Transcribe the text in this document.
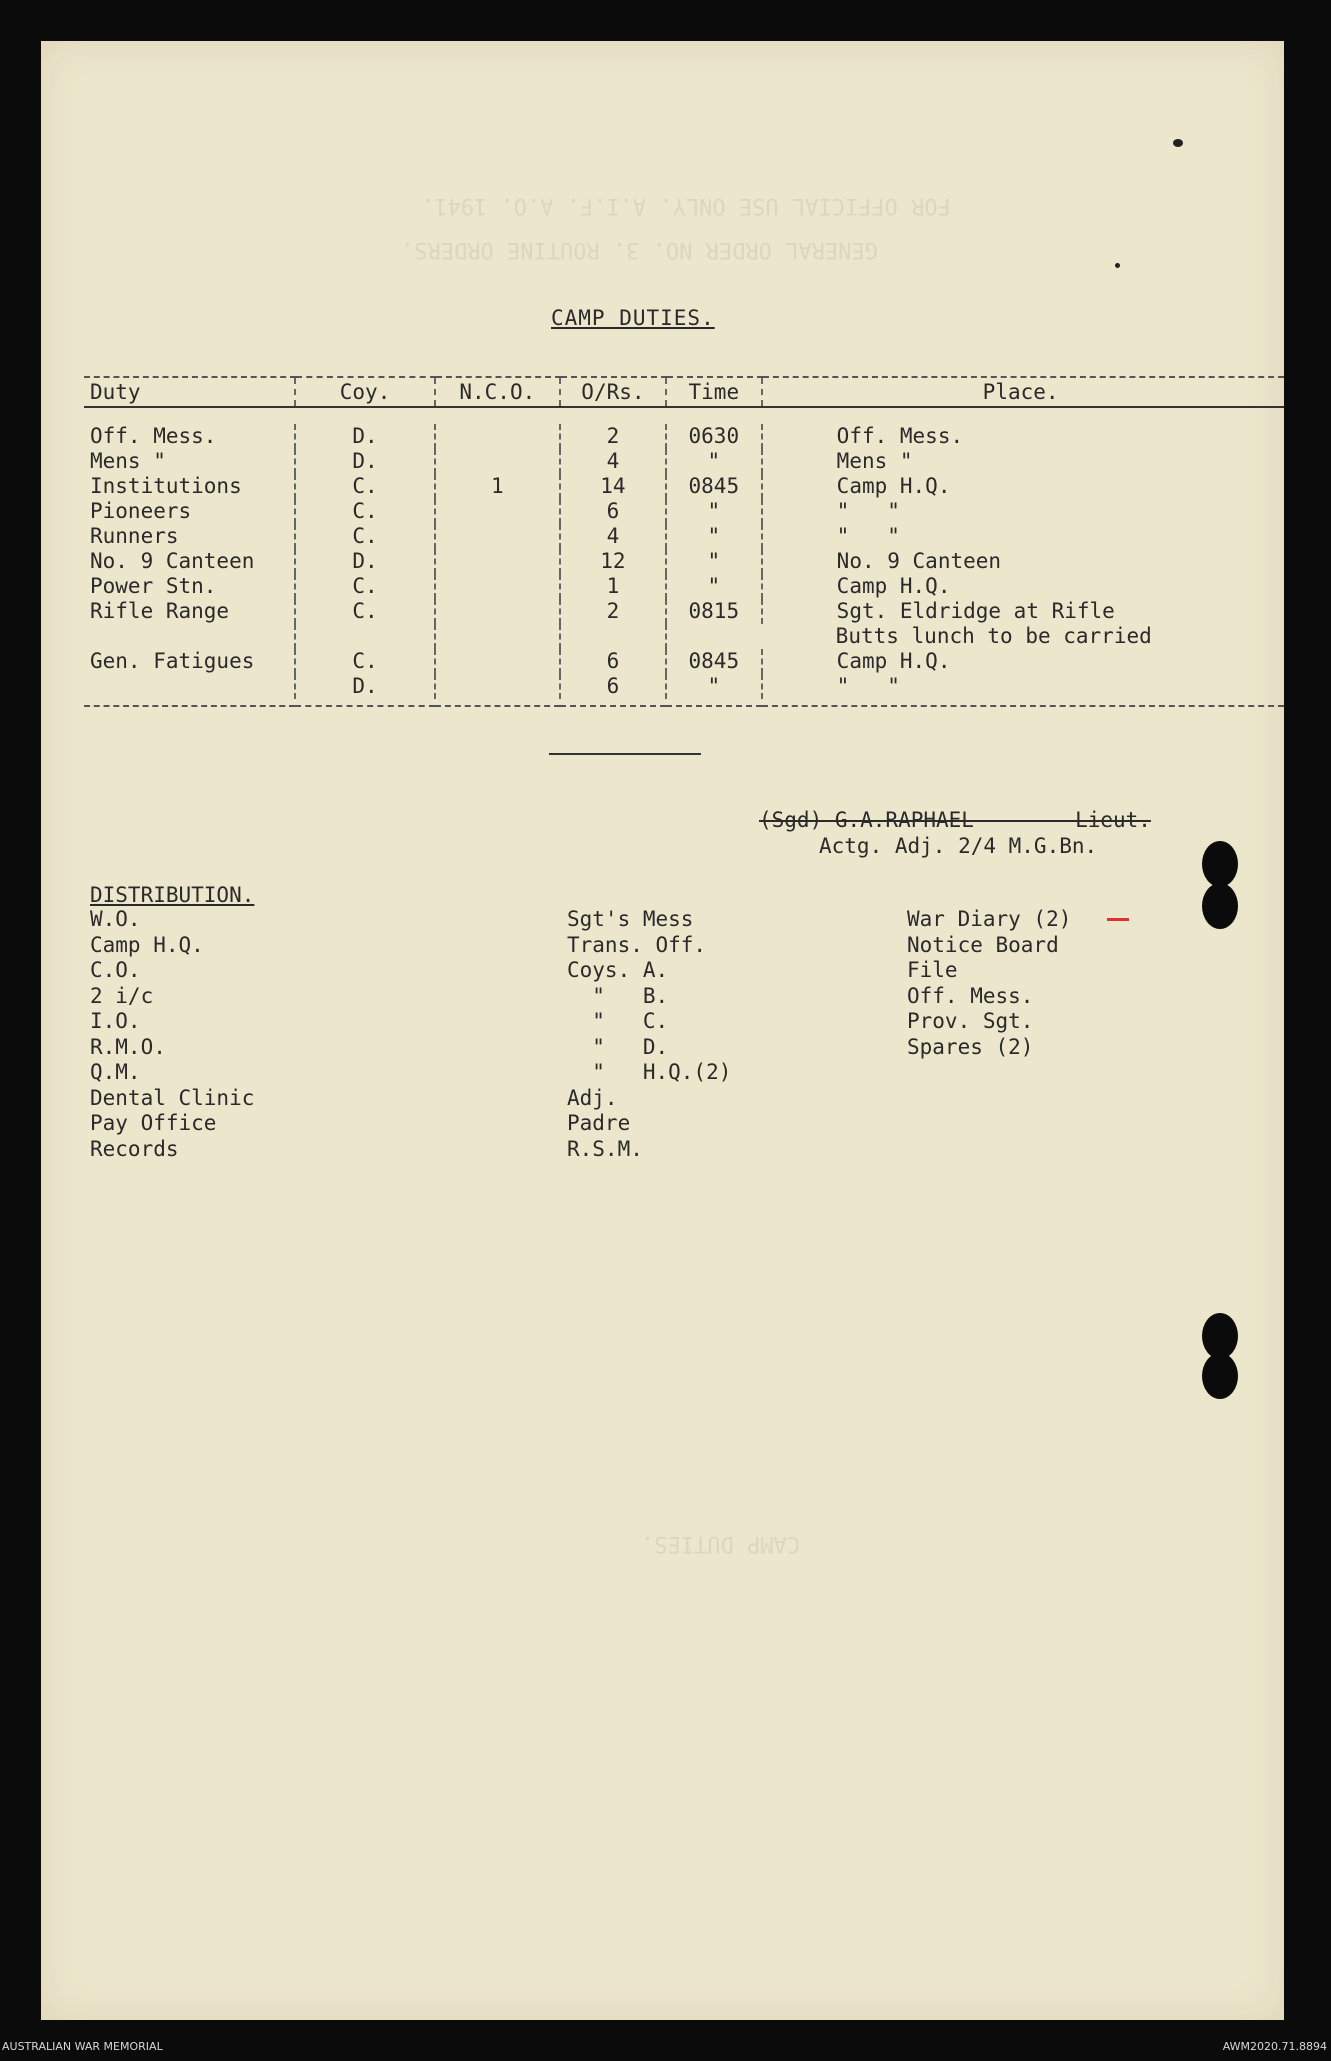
FOR OFFICIAL USE ONLY. A.I.F. A.O. 1941.
GENERAL ORDER NO. 3. ROUTINE ORDERS.
CAMP DUTIES.
CAMP DUTIES.
Duty	Coy.	N.C.O.	O/Rs.	Time	Place.

Off. Mess.	D.		2	0630	Off. Mess.
Mens "	D.		4	"	Mens "
Institutions	C.	1	14	0845	Camp H.Q.
Pioneers	C.		6	"	"   "
Runners	C.		4	"	"   "
No. 9 Canteen	D.		12	"	No. 9 Canteen
Power Stn.	C.		1	"	Camp H.Q.
Rifle Range	C.		2	0815	Sgt. Eldridge at Rifle
					Butts lunch to be carried
Gen. Fatigues	C.		6	0845	Camp H.Q.
	D.		6	"	"   "

(Sgd) G.A.RAPHAEL        Lieut.
Actg. Adj. 2/4 M.G.Bn.
DISTRIBUTION.
W.O.
Camp H.Q.
C.O.
2 i/c
I.O.
R.M.O.
Q.M.
Dental Clinic
Pay Office
Records
Sgt's Mess
Trans. Off.
Coys. A.
"   B.
"   C.
"   D.
"   H.Q.(2)
Adj.
Padre
R.S.M.
War Diary (2)
Notice Board
File
Off. Mess.
Prov. Sgt.
Spares (2)
AUSTRALIAN WAR MEMORIAL	AWM2020.71.8894
